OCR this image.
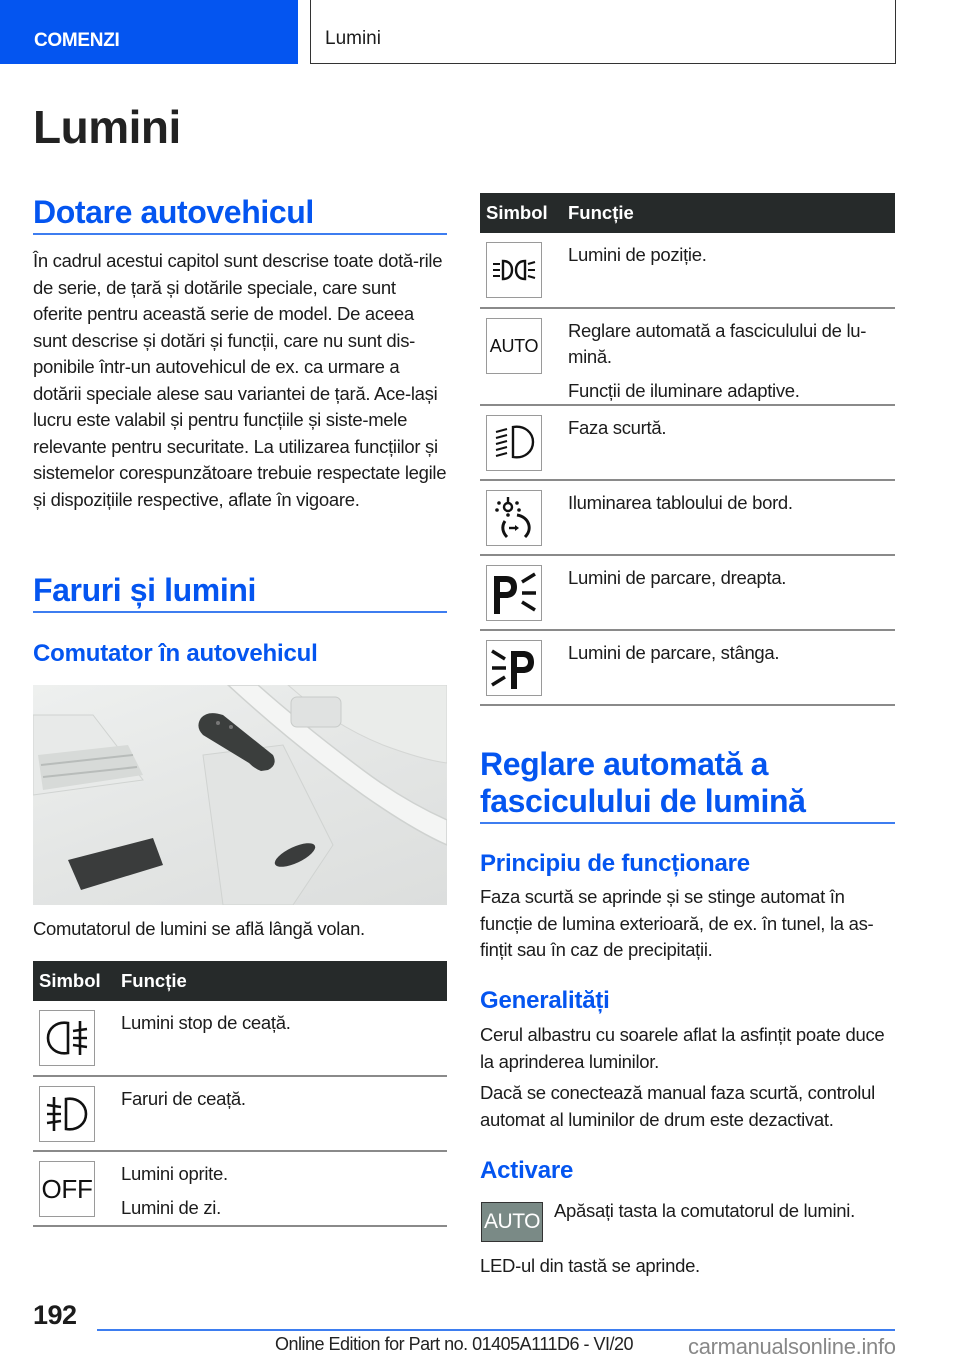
COMENZI	Lumini
Lumini
Dotare autovehicul
În cadrul acestui capitol sunt descrise toate dotă-rile de serie, de țară și dotările speciale, care sunt oferite pentru această serie de model. De aceea sunt descrise și dotări și funcții, care nu sunt dis-ponibile într-un autovehicul de ex. ca urmare a dotării speciale alese sau variantei de țară. Ace-lași lucru este valabil și pentru funcțiile și siste-mele relevante pentru securitate. La utilizarea funcțiilor și sistemelor corespunzătoare trebuie respectate legile și dispozițiile respective, aflate în vigoare.
Faruri și lumini
Comutator în autovehicul
Comutatorul de lumini se află lângă volan.
Simbol	Funcție

Lumini stop de ceață.

Faruri de ceață.

OFF	Lumini oprite.

Lumini de zi.

Simbol	Funcție

Lumini de poziție.

AUTO	Reglare automată a fasciculului de lu-mină.

Funcții de iluminare adaptive.

Faza scurtă.

Iluminarea tabloului de bord.

Lumini de parcare, dreapta.

Lumini de parcare, stânga.

Reglare automată a
fasciculului de lumină
Principiu de funcționare
Faza scurtă se aprinde și se stinge automat în funcție de lumina exterioară, de ex. în tunel, la as-fințit sau în caz de precipitații.
Generalități
Cerul albastru cu soarele aflat la asfințit poate duce la aprinderea luminilor.
Dacă se conectează manual faza scurtă, controlul automat al luminilor de drum este dezactivat.
Activare
AUTO Apăsați tasta la comutatorul de lumini.
LED-ul din tastă se aprinde.
192
Online Edition for Part no. 01405A111D6 - VI/20 carmanualsonline.info
